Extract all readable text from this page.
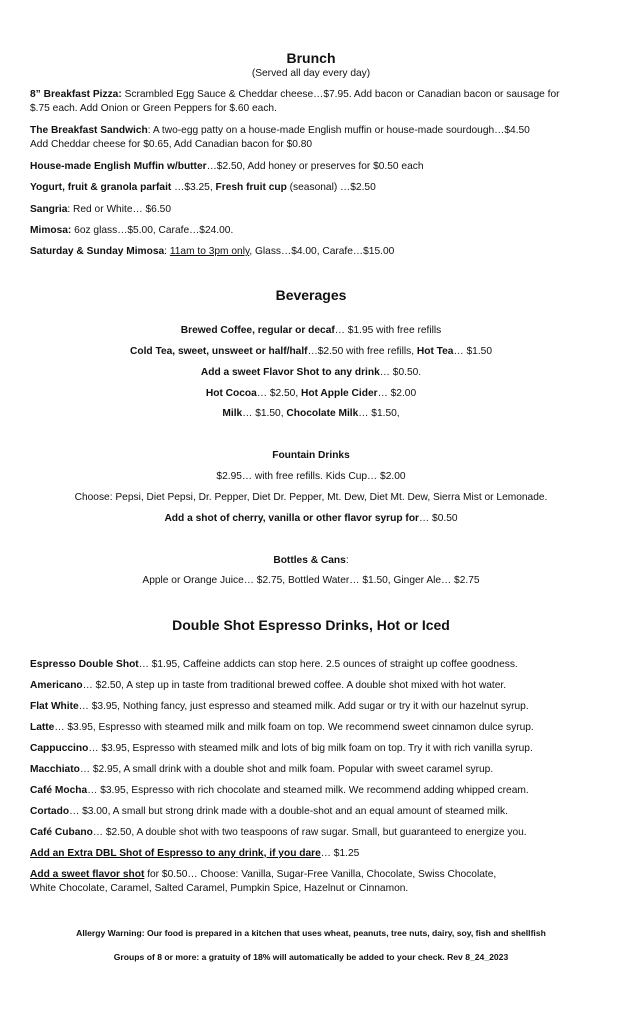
Brunch
(Served all day every day)
8” Breakfast Pizza: Scrambled Egg Sauce & Cheddar cheese…$7.95. Add bacon or Canadian bacon or sausage for
$.75 each. Add Onion or Green Peppers for $.60 each.
The Breakfast Sandwich: A two-egg patty on a house-made English muffin or house-made sourdough…$4.50
Add Cheddar cheese for $0.65, Add Canadian bacon for $0.80
House-made English Muffin w/butter…$2.50, Add honey or preserves for $0.50 each
Yogurt, fruit & granola parfait …$3.25, Fresh fruit cup (seasonal) …$2.50
Sangria: Red or White… $6.50
Mimosa: 6oz glass…$5.00, Carafe…$24.00.
Saturday & Sunday Mimosa: 11am to 3pm only, Glass…$4.00, Carafe…$15.00
Beverages
Brewed Coffee, regular or decaf… $1.95 with free refills
Cold Tea, sweet, unsweet or half/half…$2.50 with free refills, Hot Tea… $1.50
Add a sweet Flavor Shot to any drink… $0.50.
Hot Cocoa… $2.50, Hot Apple Cider… $2.00
Milk… $1.50, Chocolate Milk… $1.50,
Fountain Drinks
$2.95… with free refills. Kids Cup… $2.00
Choose: Pepsi, Diet Pepsi, Dr. Pepper, Diet Dr. Pepper, Mt. Dew, Diet Mt. Dew, Sierra Mist or Lemonade.
Add a shot of cherry, vanilla or other flavor syrup for… $0.50
Bottles & Cans:
Apple or Orange Juice… $2.75, Bottled Water… $1.50, Ginger Ale… $2.75
Double Shot Espresso Drinks, Hot or Iced
Espresso Double Shot… $1.95, Caffeine addicts can stop here. 2.5 ounces of straight up coffee goodness.
Americano… $2.50, A step up in taste from traditional brewed coffee. A double shot mixed with hot water.
Flat White… $3.95, Nothing fancy, just espresso and steamed milk. Add sugar or try it with our hazelnut syrup.
Latte… $3.95, Espresso with steamed milk and milk foam on top. We recommend sweet cinnamon dulce syrup.
Cappuccino… $3.95, Espresso with steamed milk and lots of big milk foam on top. Try it with rich vanilla syrup.
Macchiato… $2.95, A small drink with a double shot and milk foam. Popular with sweet caramel syrup.
Café Mocha… $3.95, Espresso with rich chocolate and steamed milk. We recommend adding whipped cream.
Cortado… $3.00, A small but strong drink made with a double-shot and an equal amount of steamed milk.
Café Cubano… $2.50, A double shot with two teaspoons of raw sugar. Small, but guaranteed to energize you.
Add an Extra DBL Shot of Espresso to any drink, if you dare… $1.25
Add a sweet flavor shot for $0.50… Choose: Vanilla, Sugar-Free Vanilla, Chocolate, Swiss Chocolate,
White Chocolate, Caramel, Salted Caramel, Pumpkin Spice, Hazelnut or Cinnamon.
Allergy Warning: Our food is prepared in a kitchen that uses wheat, peanuts, tree nuts, dairy, soy, fish and shellfish
Groups of 8 or more: a gratuity of 18% will automatically be added to your check. Rev 8_24_2023
